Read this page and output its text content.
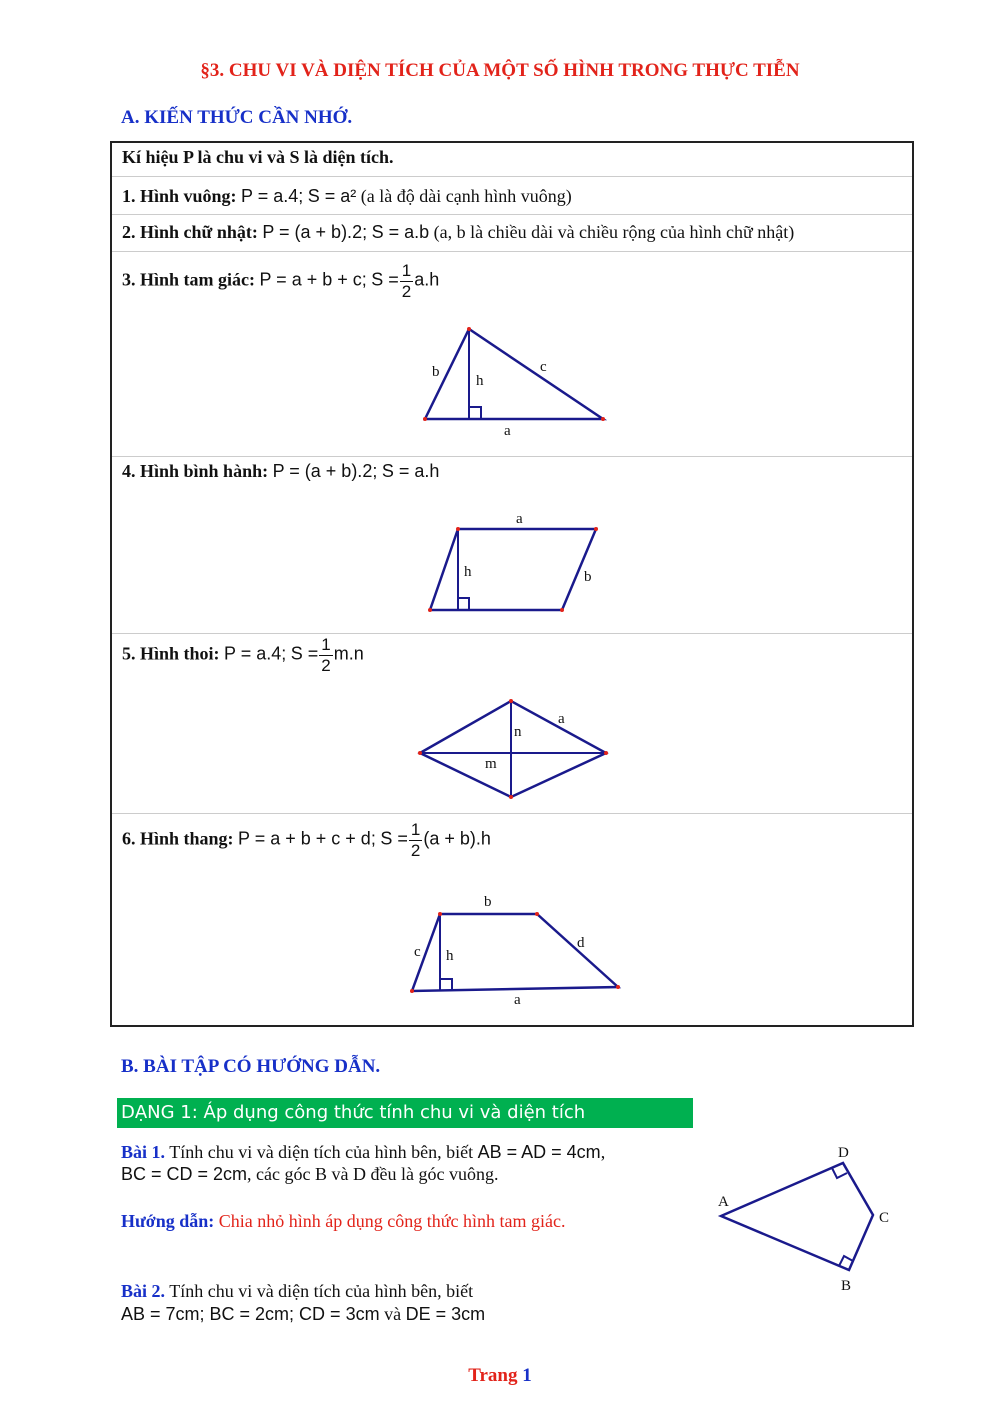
§3. CHU VI VÀ DIỆN TÍCH CỦA MỘT SỐ HÌNH TRONG THỰC TIỄN
A. KIẾN THỨC CẦN NHỚ.
Kí hiệu P là chu vi và S là diện tích.
1. Hình vuông: P = a.4; S = a² (a là độ dài cạnh hình vuông)
2. Hình chữ nhật: P = (a + b).2; S = a.b (a, b là chiều dài và chiều rộng của hình chữ nhật)
3. Hình tam giác: P = a + b + c; $S = \frac{1}{2} a.h$
b
h
c
a
4. Hình bình hành: P = (a + b).2; S = a.h
a
h	b
5. Hình thoi: P = a.4; $S = \frac{1}{2} m.n$
n
a
m
6. Hình thang: P = a + b + c + d; $S = \frac{1}{2} (a + b).h$
b
c h
d
a
B. BÀI TẬP CÓ HƯỚNG DẪN.
DẠNG 1: Áp dụng công thức tính chu vi và diện tích
Bài 1. Tính chu vi và diện tích của hình bên, biết AB = AD = 4cm,
BC = CD = 2cm, các góc B và D đều là góc vuông.
Hướng dẫn: Chia nhỏ hình áp dụng công thức hình tam giác.
D
A
C
B
Bài 2. Tính chu vi và diện tích của hình bên, biết
AB = 7cm; BC = 2cm; CD = 3cm và DE = 3cm
Trang 1
